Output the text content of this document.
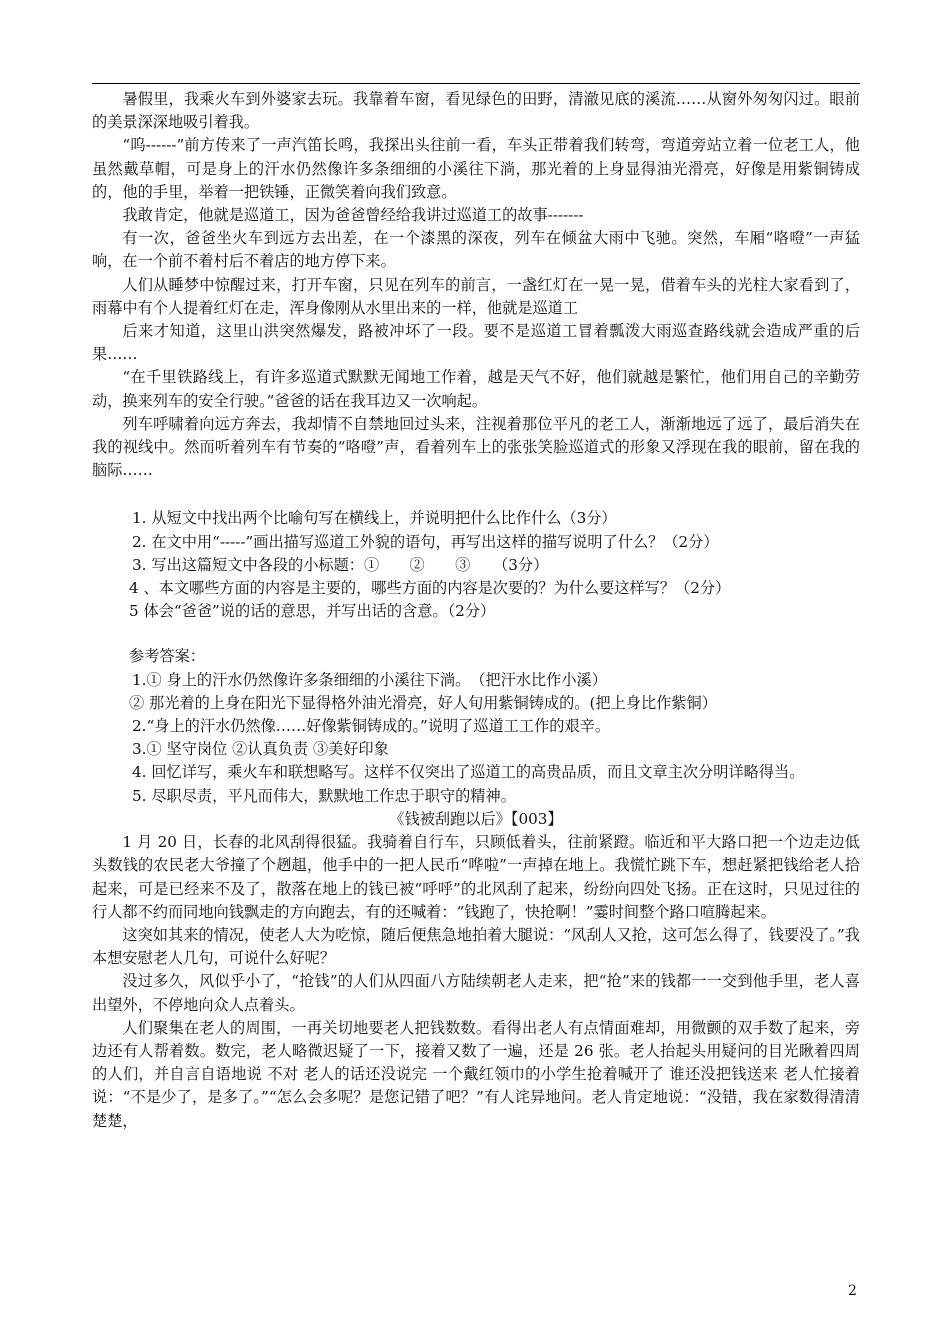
暑假里，我乘火车到外婆家去玩。我靠着车窗，看见绿色的田野，清澈见底的溪流……从窗外匆匆闪过。眼前的美景深深地吸引着我。

“呜------”前方传来了一声汽笛长鸣，我探出头往前一看，车头正带着我们转弯，弯道旁站立着一位老工人，他虽然戴草帽，可是身上的汗水仍然像许多条细细的小溪往下淌，那光着的上身显得油光滑亮，好像是用紫铜铸成的，他的手里，举着一把铁锤，正微笑着向我们致意。

我敢肯定，他就是巡道工，因为爸爸曾经给我讲过巡道工的故事-------

有一次，爸爸坐火车到远方去出差，在一个漆黑的深夜，列车在倾盆大雨中飞驰。突然，车厢“咯噔”一声猛响，在一个前不着村后不着店的地方停下来。

人们从睡梦中惊醒过来，打开车窗，只见在列车的前言，一盏红灯在一晃一晃，借着车头的光柱大家看到了，雨幕中有个人提着红灯在走，浑身像刚从水里出来的一样，他就是巡道工

后来才知道，这里山洪突然爆发，路被冲坏了一段。要不是巡道工冒着瓢泼大雨巡查路线就会造成严重的后果……

“在千里铁路线上，有许多巡道式默默无闻地工作着，越是天气不好，他们就越是繁忙，他们用自己的辛勤劳动，换来列车的安全行驶。”爸爸的话在我耳边又一次响起。

列车呼啸着向远方奔去，我却情不自禁地回过头来，注视着那位平凡的老工人，渐渐地远了远了，最后消失在我的视线中。然而听着列车有节奏的“咯噔”声，看着列车上的张张笑脸巡道式的形象又浮现在我的眼前，留在我的脑际……

1. 从短文中找出两个比喻句写在横线上，并说明把什么比作什么（3分）

2. 在文中用“-----”画出描写巡道工外貌的语句，再写出这样的描写说明了什么？（2分）

3. 写出这篇短文中各段的小标题：①　　②　　③　　（3分）

4 、本文哪些方面的内容是主要的，哪些方面的内容是次要的？为什么要这样写？（2分）

5 体会“爸爸”说的话的意思，并写出话的含意。（2分）

参考答案：

1.① 身上的汗水仍然像许多条细细的小溪往下淌。　（把汗水比作小溪）

② 那光着的上身在阳光下显得格外油光滑亮，好人旬用紫铜铸成的。(把上身比作紫铜）

2.“身上的汗水仍然像……好像紫铜铸成的。”说明了巡道工工作的艰辛。

3.① 坚守岗位 ②认真负责 ③美好印象

4. 回忆详写，乘火车和联想略写。这样不仅突出了巡道工的高贵品质，而且文章主次分明详略得当。

5. 尽职尽责，平凡而伟大，默默地工作忠于职守的精神。

《钱被刮跑以后》【003】

1 月 20 日，长春的北风刮得很猛。我骑着自行车，只顾低着头，往前紧蹬。临近和平大路口把一个边走边低头数钱的农民老大爷撞了个趔趄，他手中的一把人民币“哗啦”一声掉在地上。我慌忙跳下车，想赶紧把钱给老人拾起来，可是已经来不及了，散落在地上的钱已被“呼呼”的北风刮了起来，纷纷向四处飞扬。正在这时，只见过往的行人都不约而同地向钱飘走的方向跑去，有的还喊着：“钱跑了，快抢啊！”霎时间整个路口喧腾起来。

这突如其来的情况，使老人大为吃惊，随后便焦急地拍着大腿说：“风刮人又抢，这可怎么得了，钱要没了。”我本想安慰老人几句，可说什么好呢？

没过多久，风似乎小了，“抢钱”的人们从四面八方陆续朝老人走来，把“抢”来的钱都一一交到他手里，老人喜出望外，不停地向众人点着头。

人们聚集在老人的周围，一再关切地要老人把钱数数。看得出老人有点情面难却，用微颤的双手数了起来，旁边还有人帮着数。数完，老人略微迟疑了一下，接着又数了一遍，还是 26 张。老人抬起头用疑问的目光瞅着四周的人们，并自言自语地说 不对 老人的话还没说完 一个戴红领巾的小学生抢着喊开了 谁还没把钱送来 老人忙接着说：“不是少了，是多了。”“怎么会多呢？是您记错了吧？”有人诧异地问。老人肯定地说：“没错，我在家数得清清楚楚，

2
